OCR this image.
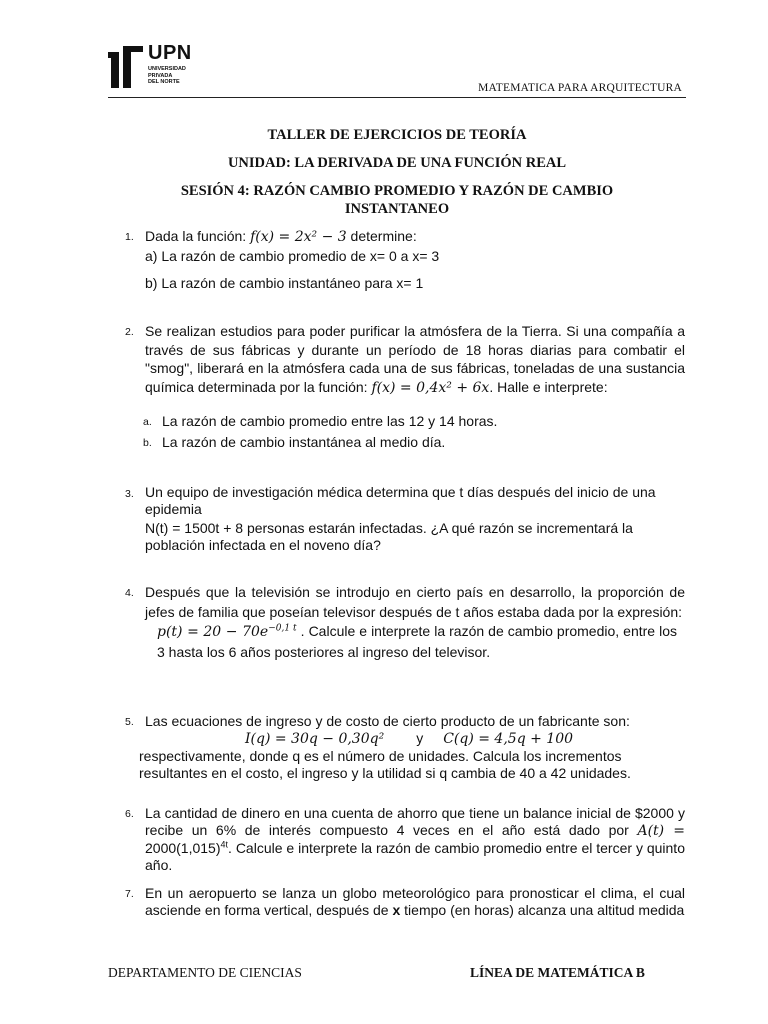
UPN
UNIVERSIDAD
PRIVADA
DEL NORTE	MATEMATICA PARA ARQUITECTURA
TALLER DE EJERCICIOS DE TEORÍA
UNIDAD: LA DERIVADA DE UNA FUNCIÓN REAL
SESIÓN 4: RAZÓN CAMBIO PROMEDIO Y RAZÓN DE CAMBIO
INSTANTANEO
1. Dada la función: f(x) = 2x² − 3 determine:
a) La razón de cambio promedio de x= 0 a x= 3
b) La razón de cambio instantáneo para x= 1
2. Se realizan estudios para poder purificar la atmósfera de la Tierra. Si una compañía a través de sus fábricas y durante un período de 18 horas diarias para combatir el "smog", liberará en la atmósfera cada una de sus fábricas, toneladas de una sustancia química determinada por la función: f(x) = 0,4x² + 6x. Halle e interprete:
a. La razón de cambio promedio entre las 12 y 14 horas.
b. La razón de cambio instantánea al medio día.
3. Un equipo de investigación médica determina que t días después del inicio de una epidemia
N(t) = 1500t + 8 personas estarán infectadas. ¿A qué razón se incrementará la población infectada en el noveno día?
4. Después que la televisión se introdujo en cierto país en desarrollo, la proporción de jefes de familia que poseían televisor después de t años estaba dada por la expresión:
$p(t) = 20 - 70e^{-0,1 t}$ . Calcule e interprete la razón de cambio promedio, entre los 3 hasta los 6 años posteriores al ingreso del televisor.
5. Las ecuaciones de ingreso y de costo de cierto producto de un fabricante son:
I(q) = 30q − 0,30q² y C(q) = 4,5q + 100
respectivamente, donde q es el número de unidades. Calcula los incrementos resultantes en el costo, el ingreso y la utilidad si q cambia de 40 a 42 unidades.
6. La cantidad de dinero en una cuenta de ahorro que tiene un balance inicial de $2000 y recibe un 6% de interés compuesto 4 veces en el año está dado por $A(t) = 2000(1,015)^{4t}$. Calcule e interprete la razón de cambio promedio entre el tercer y quinto año.
7. En un aeropuerto se lanza un globo meteorológico para pronosticar el clima, el cual asciende en forma vertical, después de x tiempo (en horas) alcanza una altitud medida
DEPARTAMENTO DE CIENCIAS	LÍNEA DE MATEMÁTICA B
